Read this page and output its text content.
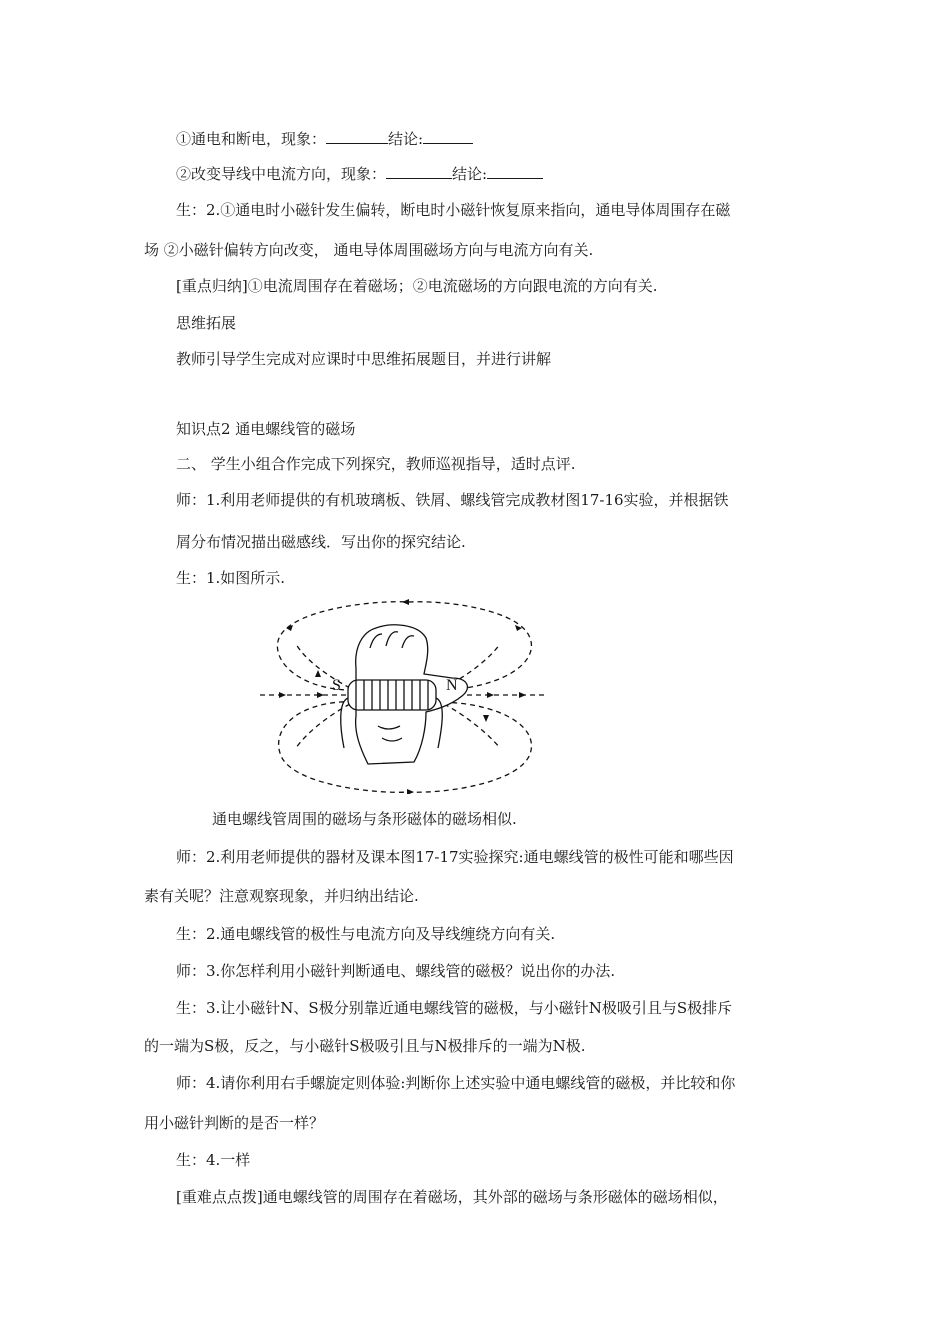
①通电和断电，现象：	结论:
②改变导线中电流方向，现象：	结论:
生：2.①通电时小磁针发生偏转，断电时小磁针恢复原来指向，通电导体周围存在磁
场 ②小磁针偏转方向改变， 通电导体周围磁场方向与电流方向有关.
[重点归纳]①电流周围存在着磁场；②电流磁场的方向跟电流的方向有关.
思维拓展
教师引导学生完成对应课时中思维拓展题目，并进行讲解
知识点2 通电螺线管的磁场
二、 学生小组合作完成下列探究，教师巡视指导，适时点评.
师：1.利用老师提供的有机玻璃板、铁屑、螺线管完成教材图17-16实验，并根据铁
屑分布情况描出磁感线．写出你的探究结论.
生：1.如图所示.
S	N
通电螺线管周围的磁场与条形磁体的磁场相似.
师：2.利用老师提供的器材及课本图17-17实验探究:通电螺线管的极性可能和哪些因
素有关呢？注意观察现象，并归纳出结论.
生：2.通电螺线管的极性与电流方向及导线缠绕方向有关.
师：3.你怎样利用小磁针判断通电、螺线管的磁极？说出你的办法.
生：3.让小磁针N、S极分别靠近通电螺线管的磁极，与小磁针N极吸引且与S极排斥
的一端为S极，反之，与小磁针S极吸引且与N极排斥的一端为N极.
师：4.请你利用右手螺旋定则体验:判断你上述实验中通电螺线管的磁极，并比较和你
用小磁针判断的是否一样？
生：4.一样
[重难点点拨]通电螺线管的周围存在着磁场，其外部的磁场与条形磁体的磁场相似，
